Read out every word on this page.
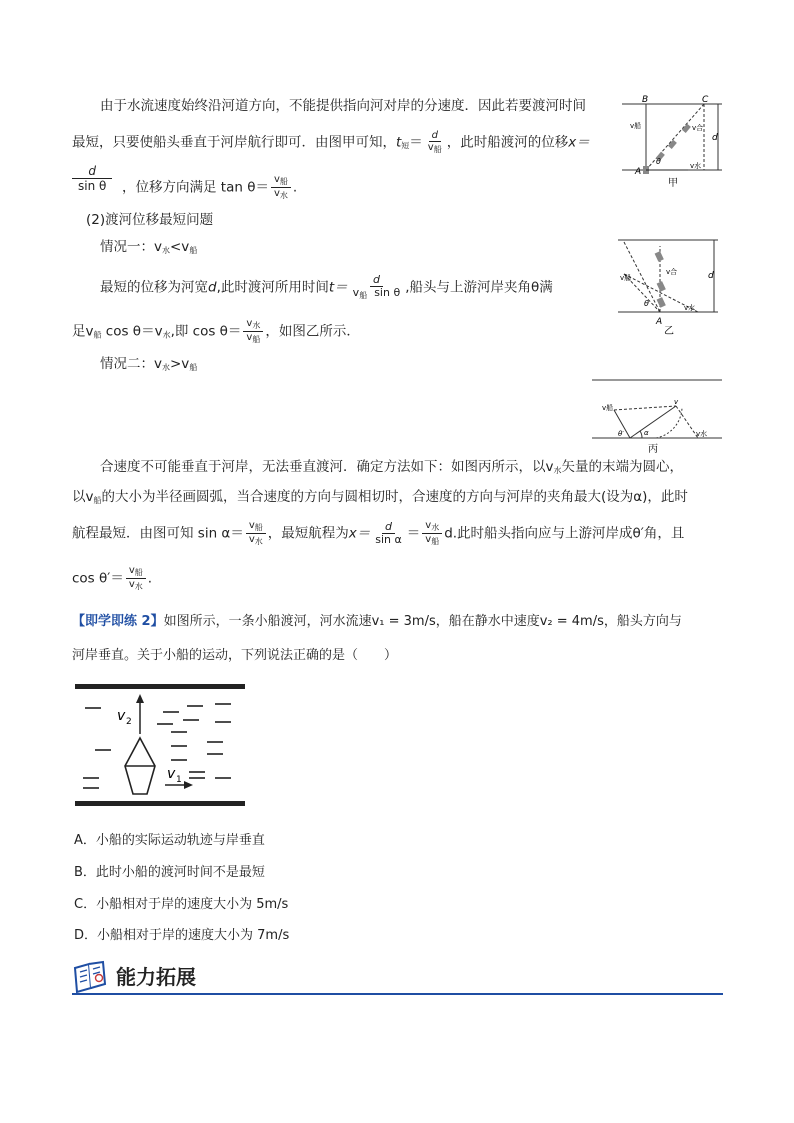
由于水流速度始终沿河道方向，不能提供指向河对岸的分速度．因此若要渡河时间
最短，只要使船头垂直于河岸航行即可．由图甲可知，$t_短= \frac{d}{v_船}$ ，此时船渡河的位移x＝
$\frac{d}{\text{sin θ}}$ ，位移方向满足 $\tan \theta= \frac{v_船}{v_水}$ .
(2)渡河位移最短问题
情况一：$v_水<v_船$
最短的位移为河宽d,此时渡河所用时间$t= \frac{d}{v_船 \sin \theta}$ ,船头与上游河岸夹角θ满
足$v_船$ $\cos \theta=v_水$,即 $\cos \theta= \frac{v_水}{v_船}$ ，如图乙所示．
情况二：$v_水>v_船$
合速度不可能垂直于河岸，无法垂直渡河．确定方法如下：如图丙所示，以$v_水$矢量的末端为圆心，
以$v_船$的大小为半径画圆弧，当合速度的方向与圆相切时，合速度的方向与河岸的夹角最大(设为α)，此时
航程最短．由图可知 $\sin \alpha= \frac{v_船}{v_水}$ ，最短航程为$x= \frac{d}{\text{sin α}} = \frac{v_水}{v_船} d$.此时船头指向应与上游河岸成θ′角，且
$\cos \theta'= \frac{v_船}{v_水}$ .
【即学即练 2】如图所示，一条小船渡河，河水流速v₁ = 3m/s，船在静水中速度v₂ = 4m/s，船头方向与
河岸垂直。关于小船的运动，下列说法正确的是（　　）
v 2
v 1
A．小船的实际运动轨迹与岸垂直
B．此时小船的渡河时间不是最短
C．小船相对于岸的速度大小为 5m/s
D．小船相对于岸的速度大小为 7m/s
能力拓展
B	C
A
d
v船	v合
v水
θ
甲
A
d
v船
v合
v水
θ
乙
v船
v
v水
θ′	α
丙
